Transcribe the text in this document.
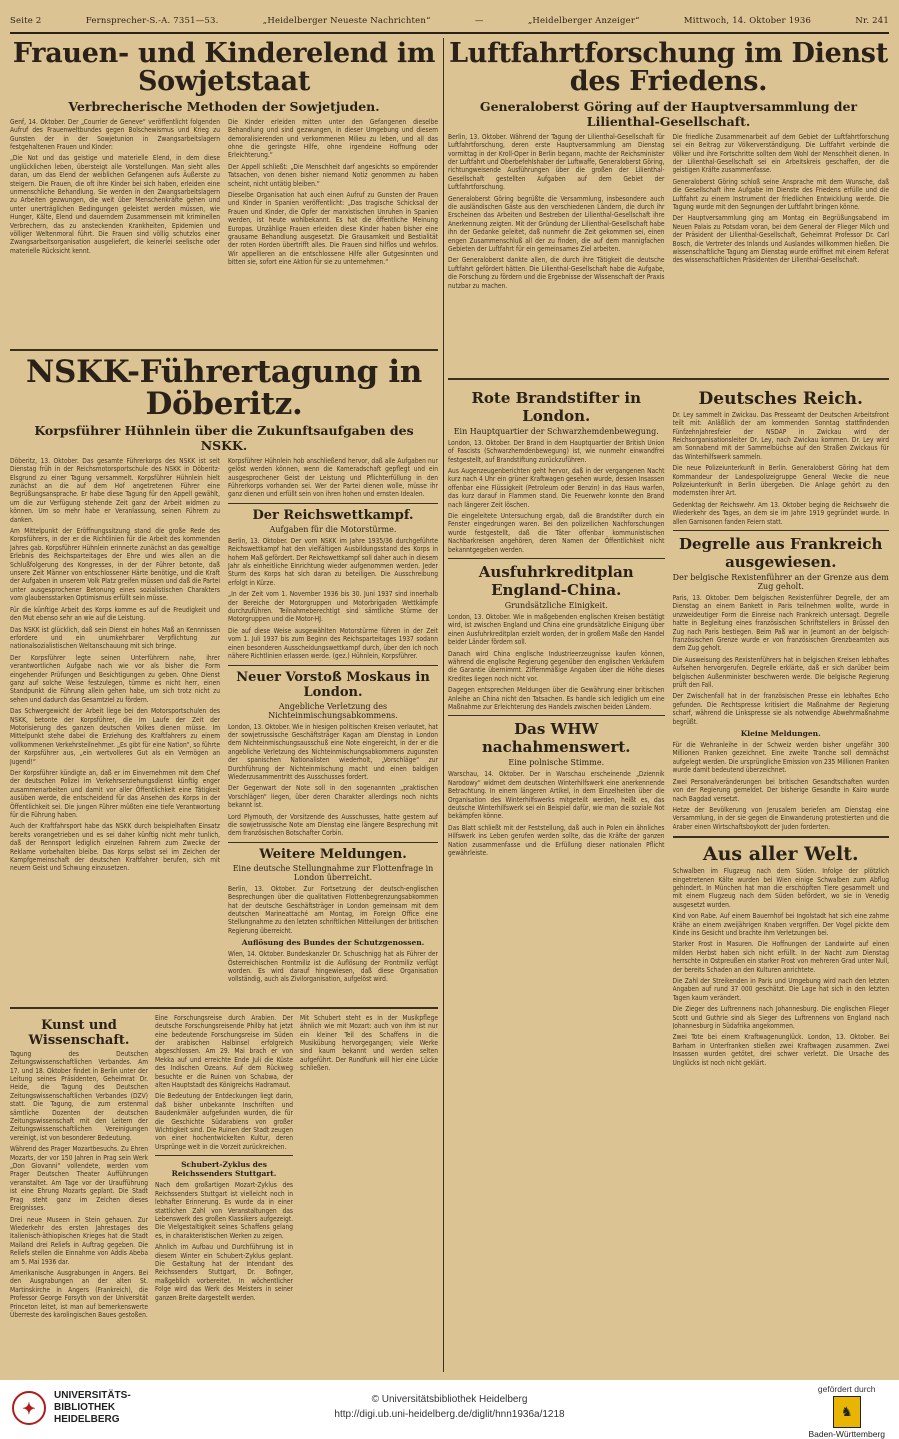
Seite 2	Fernsprecher-S.-A. 7351—53.	„Heidelberger Neueste Nachrichten“	—	„Heidelberger Anzeiger“	Mittwoch, 14. Oktober 1936	Nr. 241
Frauen- und Kinderelend im Sowjetstaat
Verbrecherische Methoden der Sowjetjuden.

Genf, 14. Oktober. Der „Courrier de Geneve“ veröffentlicht folgenden Aufruf des Frauenweltbundes gegen Bolschewismus und Krieg zu Gunsten der in der Sowjetunion in Zwangsarbeitslagern festgehaltenen Frauen und Kinder:

„Die Not und das geistige und materielle Elend, in dem diese unglücklichen leben, übersteigt alle Vorstellungen. Man sieht alles daran, um das Elend der weiblichen Gefangenen aufs Äußerste zu steigern. Die Frauen, die oft ihre Kinder bei sich haben, erleiden eine unmenschliche Behandlung. Sie werden in den Zwangsarbeitslagern zu Arbeiten gezwungen, die weit über Menschenkräfte gehen und unter unerträglichen Bedingungen geleistet werden müssen, wie Hunger, Kälte, Elend und dauerndem Zusammensein mit kriminellen Verbrechern, das zu ansteckenden Krankheiten, Epidemien und völliger Weltenmoral führt. Die Frauen sind völlig schutzlos einer Zwangsarbeitsorganisation ausgeliefert, die keinerlei seelische oder materielle Rücksicht kennt.

Die Kinder erleiden mitten unter den Gefangenen dieselbe Behandlung und sind gezwungen, in dieser Umgebung und diesem demoralisierenden und verkommenen Milieu zu leben, und all das ohne die geringste Hilfe, ohne irgendeine Hoffnung oder Erleichterung.“

Der Appell schließt: „Die Menschheit darf angesichts so empörender Tatsachen, von denen bisher niemand Notiz genommen zu haben scheint, nicht untätig bleiben.“

Dieselbe Organisation hat auch einen Aufruf zu Gunsten der Frauen und Kinder in Spanien veröffentlicht: „Das tragische Schicksal der Frauen und Kinder, die Opfer der marxistischen Unruhen in Spanien werden, ist heute wohlbekannt. Es hat die öffentliche Meinung Europas. Unzählige Frauen erleiden diese Kinder haben bisher eine grausame Behandlung ausgesetzt. Die Grausamkeit und Bestialität der roten Horden übertrifft alles. Die Frauen sind hilflos und wehrlos. Wir appellieren an die entschlossene Hilfe aller Gutgesinnten und bitten sie, sofort eine Aktion für sie zu unternehmen.“

NSKK-Führertagung in Döberitz.
Korpsführer Hühnlein über die Zukunftsaufgaben des NSKK.

Döberitz, 13. Oktober. Das gesamte Führerkorps des NSKK ist seit Dienstag früh in der Reichsmotorsportschule des NSKK in Döberitz-Elsgrund zu einer Tagung versammelt. Korpsführer Hühnlein hielt zunächst an die auf dem Hof angetretenen Führer eine Begrüßungsansprache. Er habe diese Tagung für den Appell gewählt, um die zur Verfügung stehende Zeit ganz der Arbeit widmen zu können. Um so mehr habe er Veranlassung, seinen Führern zu danken.

Am Mittelpunkt der Eröffnungssitzung stand die große Rede des Korpsführers, in der er die Richtlinien für die Arbeit des kommenden Jahres gab. Korpsführer Hühnlein erinnerte zunächst an das gewaltige Erlebnis des Reichsparteitages der Ehre und wies allen an die Schlußfolgerung des Kongresses, in der der Führer betonte, daß unsere Zeit Männer von entschlossener Härte benötige, und die Kraft der Aufgaben in unserem Volk Platz greifen müssen und daß die Partei unter ausgesprochener Betonung eines sozialistischen Charakters vom glaubensstarken Optimismus erfüllt sein müsse.

Für die künftige Arbeit des Korps komme es auf die Freudigkeit und den Mut ebenso sehr an wie auf die Leistung.

Das NSKK ist glücklich, daß sein Dienst ein hohes Maß an Kennnissen erfordere und ein unumkehrbarer Verpflichtung zur nationalsozialistischen Weltanschauung mit sich bringe.

Der Korpsführer legte seinen Unterführern nahe, ihrer verantwortlichen Aufgabe nach wie vor als bisher die Form eingehender Prüfungen und Besichtigungen zu geben. Ohne Dienst ganz auf solche Weise festzulegen, tümme es nicht herr, einen Standpunkt die Führung allein gehen habe, um sich trotz nicht zu sehen und dadurch das Gesamtziel zu fördern.

Das Schwergewicht der Arbeit liege bei den Motorsportschulen des NSKK, betonte der Korpsführer, die im Laufe der Zeit der Motorisierung des ganzen deutschen Volkes dienen müsse. Im Mittelpunkt stehe dabei die Erziehung des Kraftfahrers zu einem vollkommenen Verkehrsteilnehmer. „Es gibt für eine Nation“, so führte der Korpsführer aus, „ein wertvolleres Gut als ein Vermögen an Jugend!“

Der Korpsführer kündigte an, daß er im Einvernehmen mit dem Chef der deutschen Polizei im Verkehrserziehungsdienst künftig enger zusammenarbeiten und damit vor aller Öffentlichkeit eine Tätigkeit ausüben werde, die entscheidend für das Ansehen des Korps in der Öffentlichkeit sei. Die jungen Führer müßten eine tiefe Verantwortung für die Führung haben.

Auch der Kraftfahrsport habe das NSKK durch beispielhaften Einsatz bereits vorangetrieben und es sei daher künftig nicht mehr tunlich, daß der Rennsport lediglich einzelnen Fahrern zum Zwecke der Reklame vorbehalten bleibe. Das Korps selbst sei im Zeichen der Kampfgemeinschaft der deutschen Kraftfahrer berufen, sich mit neuem Geist und Schwung einzusetzen.

Korpsführer Hühnlein hob anschließend hervor, daß alle Aufgaben nur gelöst werden können, wenn die Kameradschaft gepflegt und ein ausgesprochener Geist der Leistung und Pflichterfüllung in den Führerkorps vorhanden sei. Wer der Partei dienen wolle, müsse ihr ganz dienen und erfüllt sein von ihren hohen und ernsten Idealen.

Der Reichswettkampf.
Aufgaben für die Motorstürme.

Berlin, 13. Oktober. Der vom NSKK im Jahre 1935/36 durchgeführte Reichswettkampf hat den vielfältigen Ausbildungsstand des Korps in hohem Maß gefördert. Der Reichswettkampf soll daher auch in diesem Jahr als einheitliche Einrichtung wieder aufgenommen werden. Jeder Sturm des Korps hat sich daran zu beteiligen. Die Ausschreibung erfolgt in Kürze.

„In der Zeit vom 1. November 1936 bis 30. Juni 1937 sind innerhalb der Bereiche der Motorgruppen und Motorbrigaden Wettkämpfe durchzuführen. Teilnahmeberechtigt sind sämtliche Stürme der Motorgruppen und die Motor-HJ.

Die auf diese Weise ausgewählten Motorstürme führen in der Zeit vom 1. Juli 1937 bis zum Beginn des Reichsparteitages 1937 sodann einen besonderen Ausscheidungswettkampf durch, über den ich noch nähere Richtlinien erlassen werde. (gez.) Hühnlein, Korpsführer.

Neuer Vorstoß Moskaus in London.
Angebliche Verletzung des Nichteinmischungsabkommens.

London, 13. Oktober. Wie in hiesigen politischen Kreisen verlautet, hat der sowjetrussische Geschäftsträger Kagan am Dienstag in London dem Nichteinmischungsausschuß eine Note eingereicht, in der er die angebliche Verletzung des Nichteinmischungsabkommens zugunsten der spanischen Nationalisten wiederholt, „Vorschläge“ zur Durchführung der Nichteinmischung macht und einen baldigen Wiederzusammentritt des Ausschusses fordert.

Der Gegenwart der Note soll in den sogenannten „praktischen Vorschlägen“ liegen, über deren Charakter allerdings noch nichts bekannt ist.

Lord Plymouth, der Vorsitzende des Ausschusses, hatte gestern auf die sowjetrussische Note am Dienstag eine längere Besprechung mit dem französischen Botschafter Corbin.

Weitere Meldungen.
Eine deutsche Stellungnahme zur Flottenfrage in London überreicht.

Berlin, 13. Oktober. Zur Fortsetzung der deutsch-englischen Besprechungen über die qualitativen Flottenbegrenzungsabkommen hat der deutsche Geschäftsträger in London gemeinsam mit dem deutschen Marineattaché am Montag, im Foreign Office eine Stellungnahme zu den letzten schriftlichen Mitteilungen der britischen Regierung überreicht.

Auflösung des Bundes der Schutzgenossen.

Wien, 14. Oktober. Bundeskanzler Dr. Schuschnigg hat als Führer der Österreichischen Frontmiliz ist die Auflösung der Frontmiliz verfügt worden. Es wird darauf hingewiesen, daß diese Organisation vollständig, auch als Zivilorganisation, aufgelöst wird.

Kunst und Wissenschaft.

Tagung des Deutschen Zeitungswissenschaftlichen Verbandes. Am 17. und 18. Oktober findet in Berlin unter der Leitung seines Präsidenten, Geheimrat Dr. Heide, die Tagung des Deutschen Zeitungswissenschaftlichen Verbandes (DZV) statt. Die Tagung, die zum erstenmal sämtliche Dozenten der deutschen Zeitungswissenschaft mit den Leitern der Zeitungswissenschaftlichen Vereinigungen vereinigt, ist von besonderer Bedeutung.

Während des Prager Mozartbesuchs. Zu Ehren Mozarts, der vor 150 Jahren in Prag sein Werk „Don Giovanni“ vollendete, werden vom Prager Deutschen Theater Aufführungen veranstaltet. Am Tage vor der Uraufführung ist eine Ehrung Mozarts geplant. Die Stadt Prag steht ganz im Zeichen dieses Ereignisses.

Drei neue Museen in Stein gehauen. Zur Wiederkehr des ersten Jahrestages des Italienisch-äthiopischen Krieges hat die Stadt Mailand drei Reliefs in Auftrag gegeben. Die Reliefs stellen die Einnahme von Addis Abeba am 5. Mai 1936 dar.

Amerikanische Ausgrabungen in Angers. Bei den Ausgrabungen an der alten St. Martinskirche in Angers (Frankreich), die Professor George Forsyth von der Universität Princeton leitet, ist man auf bemerkenswerte Überreste des karolingischen Baues gestoßen.

Eine Forschungsreise durch Arabien. Der deutsche Forschungsreisende Philby hat jetzt eine bedeutende Forschungsreise im Süden der arabischen Halbinsel erfolgreich abgeschlossen. Am 29. Mai brach er von Mekka auf und erreichte Ende Juli die Küste des Indischen Ozeans. Auf dem Rückweg besuchte er die Ruinen von Schabwa, der alten Hauptstadt des Königreichs Hadramaut.

Die Bedeutung der Entdeckungen liegt darin, daß bisher unbekannte Inschriften und Baudenkmäler aufgefunden wurden, die für die Geschichte Südarabiens von großer Wichtigkeit sind. Die Ruinen der Stadt zeugen von einer hochentwickelten Kultur, deren Ursprünge weit in die Vorzeit zurückreichen.

Schubert-Zyklus des Reichssenders Stuttgart.

Nach dem großartigen Mozart-Zyklus des Reichssenders Stuttgart ist vielleicht noch in lebhafter Erinnerung. Es wurde da in einer stattlichen Zahl von Veranstaltungen das Lebenswerk des großen Klassikers aufgezeigt. Die Vielgestaltigkeit seines Schaffens gelang es, in charakteristischen Werken zu zeigen.

Ähnlich im Aufbau und Durchführung ist in diesem Winter ein Schubert-Zyklus geplant. Die Gestaltung hat der Intendant des Reichssenders Stuttgart, Dr. Bofinger, maßgeblich vorbereitet. In wöchentlicher Folge wird das Werk des Meisters in seiner ganzen Breite dargestellt werden.

Mit Schubert steht es in der Musikpflege ähnlich wie mit Mozart: auch von ihm ist nur ein kleiner Teil des Schaffens in die Musikübung hervorgegangen; viele Werke sind kaum bekannt und werden selten aufgeführt. Der Rundfunk will hier eine Lücke schließen.

Luftfahrtforschung im Dienst des Friedens.
Generaloberst Göring auf der Hauptversammlung der Lilienthal-Gesellschaft.

Berlin, 13. Oktober. Während der Tagung der Lilienthal-Gesellschaft für Luftfahrtforschung, deren erste Hauptversammlung am Dienstag vormittag in der Kroll-Oper in Berlin begann, machte der Reichsminister der Luftfahrt und Oberbefehlshaber der Luftwaffe, Generaloberst Göring, richtungweisende Ausführungen über die großen der Lilienthal-Gesellschaft gestellten Aufgaben auf dem Gebiet der Luftfahrtforschung.

Generaloberst Göring begrüßte die Versammlung, insbesondere auch die ausländischen Gäste aus den verschiedenen Ländern, die durch ihr Erscheinen das Arbeiten und Bestreben der Lilienthal-Gesellschaft ihre Anerkennung zeigten. Mit der Gründung der Lilienthal-Gesellschaft habe ihn der Gedanke geleitet, daß nunmehr die Zeit gekommen sei, einen engen Zusammenschluß all der zu finden, die auf dem mannigfachen Gebieten der Luftfahrt für ein gemeinsames Ziel arbeiten.

Der Generaloberst dankte allen, die durch ihre Tätigkeit die deutsche Luftfahrt gefördert hätten. Die Lilienthal-Gesellschaft habe die Aufgabe, die Forschung zu fördern und die Ergebnisse der Wissenschaft der Praxis nutzbar zu machen.

Die friedliche Zusammenarbeit auf dem Gebiet der Luftfahrtforschung sei ein Beitrag zur Völkerverständigung. Die Luftfahrt verbinde die Völker und ihre Fortschritte sollten dem Wohl der Menschheit dienen. In der Lilienthal-Gesellschaft sei ein Arbeitskreis geschaffen, der die geistigen Kräfte zusammenfasse.

Generaloberst Göring schloß seine Ansprache mit dem Wunsche, daß die Gesellschaft ihre Aufgabe im Dienste des Friedens erfülle und die Luftfahrt zu einem Instrument der friedlichen Entwicklung werde. Die Tagung wurde mit den Segnungen der Luftfahrt bringen könne.

Der Hauptversammlung ging am Montag ein Begrüßungsabend im Neuen Palais zu Potsdam voran, bei dem General der Flieger Milch und der Präsident der Lilienthal-Gesellschaft, Geheimrat Professor Dr. Carl Bosch, die Vertreter des Inlands und Auslandes willkommen hießen. Die wissenschaftliche Tagung am Dienstag wurde eröffnet mit einem Referat des wissenschaftlichen Präsidenten der Lilienthal-Gesellschaft.

Rote Brandstifter in London.
Ein Hauptquartier der Schwarzhemdenbewegung.

London, 13. Oktober. Der Brand in dem Hauptquartier der British Union of Fascists (Schwarzhemdenbewegung) ist, wie nunmehr einwandfrei festgestellt, auf Brandstiftung zurückzuführen.

Aus Augenzeugenberichten geht hervor, daß in der vergangenen Nacht kurz nach 4 Uhr ein grüner Kraftwagen gesehen wurde, dessen Insassen offenbar eine Flüssigkeit (Petroleum oder Benzin) in das Haus warfen, das kurz darauf in Flammen stand. Die Feuerwehr konnte den Brand nach längerer Zeit löschen.

Die eingeleitete Untersuchung ergab, daß die Brandstifter durch ein Fenster eingedrungen waren. Bei den polizeilichen Nachforschungen wurde festgestellt, daß die Täter offenbar kommunistischen Nachbarkreisen angehören, deren Namen der Öffentlichkeit nicht bekanntgegeben werden.

Ausfuhrkreditplan England-China.
Grundsätzliche Einigkeit.

London, 13. Oktober. Wie in maßgebenden englischen Kreisen bestätigt wird, ist zwischen England und China eine grundsätzliche Einigung über einen Ausfuhrkreditplan erzielt worden, der in großem Maße den Handel beider Länder fördern soll.

Danach wird China englische Industrieerzeugnisse kaufen können, während die englische Regierung gegenüber den englischen Verkäufern die Garantie übernimmt. Ziffernmäßige Angaben über die Höhe dieses Kredites liegen noch nicht vor.

Dagegen entsprechen Meldungen über die Gewährung einer britischen Anleihe an China nicht den Tatsachen. Es handle sich lediglich um eine Maßnahme zur Erleichterung des Handels zwischen beiden Ländern.

Das WHW nachahmenswert.
Eine polnische Stimme.

Warschau, 14. Oktober. Der in Warschau erscheinende „Dziennik Narodowy“ widmet dem deutschen Winterhilfswerk eine anerkennende Betrachtung. In einem längeren Artikel, in dem Einzelheiten über die Organisation des Winterhilfswerks mitgeteilt werden, heißt es, das deutsche Winterhilfswerk sei ein Beispiel dafür, wie man die soziale Not bekämpfen könne.

Das Blatt schließt mit der Feststellung, daß auch in Polen ein ähnliches Hilfswerk ins Leben gerufen werden sollte, das die Kräfte der ganzen Nation zusammenfasse und die Erfüllung dieser nationalen Pflicht gewährleiste.

Deutsches Reich.

Dr. Ley sammelt in Zwickau. Das Presseamt der Deutschen Arbeitsfront teilt mit: Anläßlich der am kommenden Sonntag stattfindenden Fünfzehnjahresfeier der NSDAP in Zwickau wird der Reichsorganisationsleiter Dr. Ley, nach Zwickau kommen. Dr. Ley wird am Sonnabend mit der Sammelbüchse auf den Straßen Zwickaus für das Winterhilfswerk sammeln.

Die neue Polizeiunterkunft in Berlin. Generaloberst Göring hat dem Kommandeur der Landespolizeigruppe General Wecke die neue Polizeiunterkunft in Berlin übergeben. Die Anlage gehört zu den modernsten ihrer Art.

Gedenktag der Reichswehr. Am 13. Oktober beging die Reichswehr die Wiederkehr des Tages, an dem sie im Jahre 1919 gegründet wurde. In allen Garnisonen fanden Feiern statt.

Degrelle aus Frankreich ausgewiesen.
Der belgische Rexistenführer an der Grenze aus dem Zug geholt.

Paris, 13. Oktober. Dem belgischen Rexistenführer Degrelle, der am Dienstag an einem Bankett in Paris teilnehmen wollte, wurde in unzweideutiger Form die Einreise nach Frankreich untersagt. Degrelle hatte in Begleitung eines französischen Schriftstellers in Brüssel den Zug nach Paris bestiegen. Beim Paß war in Jeumont an der belgisch-französischen Grenze wurde er von französischen Grenzbeamten aus dem Zug geholt.

Die Ausweisung des Rexistenführers hat in belgischen Kreisen lebhaftes Aufsehen hervorgerufen. Degrelle erklärte, daß er sich darüber beim belgischen Außenminister beschweren werde. Die belgische Regierung prüft den Fall.

Der Zwischenfall hat in der französischen Presse ein lebhaftes Echo gefunden. Die Rechtspresse kritisiert die Maßnahme der Regierung scharf, während die Linkspresse sie als notwendige Abwehrmaßnahme begrüßt.

Kleine Meldungen.

Für die Wehranleihe in der Schweiz werden bisher ungefähr 300 Millionen Franken gezeichnet. Eine zweite Tranche soll demnächst aufgelegt werden. Die ursprüngliche Emission von 235 Millionen Franken wurde damit bedeutend überzeichnet.

Zwei Personalveränderungen bei britischen Gesandtschaften wurden von der Regierung gemeldet. Der bisherige Gesandte in Kairo wurde nach Bagdad versetzt.

Hetze der Bevölkerung von Jerusalem beriefen am Dienstag eine Versammlung, in der sie gegen die Einwanderung protestierten und die Araber einen Wirtschaftsboykott der Juden forderten.

Aus aller Welt.

Schwalben im Flugzeug nach dem Süden. Infolge der plötzlich eingetretenen Kälte wurden bei Wien einige Schwalben zum Abflug gehindert. In München hat man die erschöpften Tiere gesammelt und mit einem Flugzeug nach dem Süden befördert, wo sie in Venedig ausgesetzt wurden.

Kind von Rabe. Auf einem Bauernhof bei Ingolstadt hat sich eine zahme Krähe an einem zweijährigen Knaben vergriffen. Der Vogel pickte dem Kinde ins Gesicht und brachte ihm Verletzungen bei.

Starker Frost in Masuren. Die Hoffnungen der Landwirte auf einen milden Herbst haben sich nicht erfüllt. In der Nacht zum Dienstag herrschte in Ostpreußen ein starker Frost von mehreren Grad unter Null, der bereits Schaden an den Kulturen anrichtete.

Die Zahl der Streikenden in Paris und Umgebung wird nach den letzten Angaben auf rund 37 000 geschätzt. Die Lage hat sich in den letzten Tagen kaum verändert.

Die Zieger des Luftrennens nach Johannesburg. Die englischen Flieger Scott und Guthrie sind als Sieger des Luftrennens von England nach Johannesburg in Südafrika angekommen.

Zwei Tote bei einem Kraftwagenunglück. London, 13. Oktober. Bei Barham in Unterfranken stießen zwei Kraftwagen zusammen. Zwei Insassen wurden getötet, drei schwer verletzt. Die Ursache des Unglücks ist noch nicht geklärt.

✦
UNIVERSITÄTS-
BIBLIOTHEK
HEIDELBERG
© Universitätsbibliothek Heidelberg
http://digi.ub.uni-heidelberg.de/diglit/hnn1936a/1218
gefördert durch
♞
Baden-Württemberg
